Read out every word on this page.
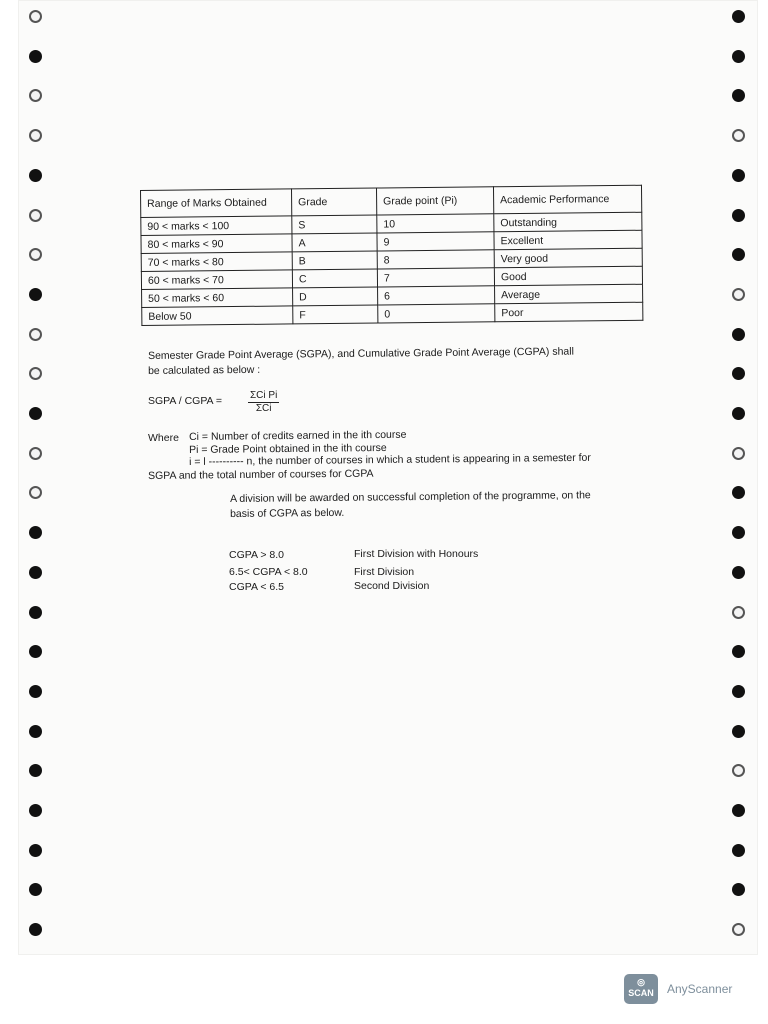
Range of Marks Obtained	Grade	Grade point (Pi)	Academic Performance
90 < marks < 100	S	10	Outstanding
80 < marks < 90	A	9	Excellent
70 < marks < 80	B	8	Very good
60 < marks < 70	C	7	Good
50 < marks < 60	D	6	Average
Below 50	F	0	Poor
Semester Grade Point Average (SGPA), and Cumulative Grade Point Average (CGPA) shall
be calculated as below :
SGPA / CGPA =	ΣCi Pi
ΣCi
Where Ci = Number of credits earned in the ith course
Pi = Grade Point obtained in the ith course
i = l ---------- n, the number of courses in which a student is appearing in a semester for
SGPA and the total number of courses for CGPA
A division will be awarded on successful completion of the programme, on the
basis of CGPA as below.
CGPA > 8.0	First Division with Honours
6.5< CGPA < 8.0	First Division
CGPA < 6.5	Second Division
◎
SCAN	AnyScanner
